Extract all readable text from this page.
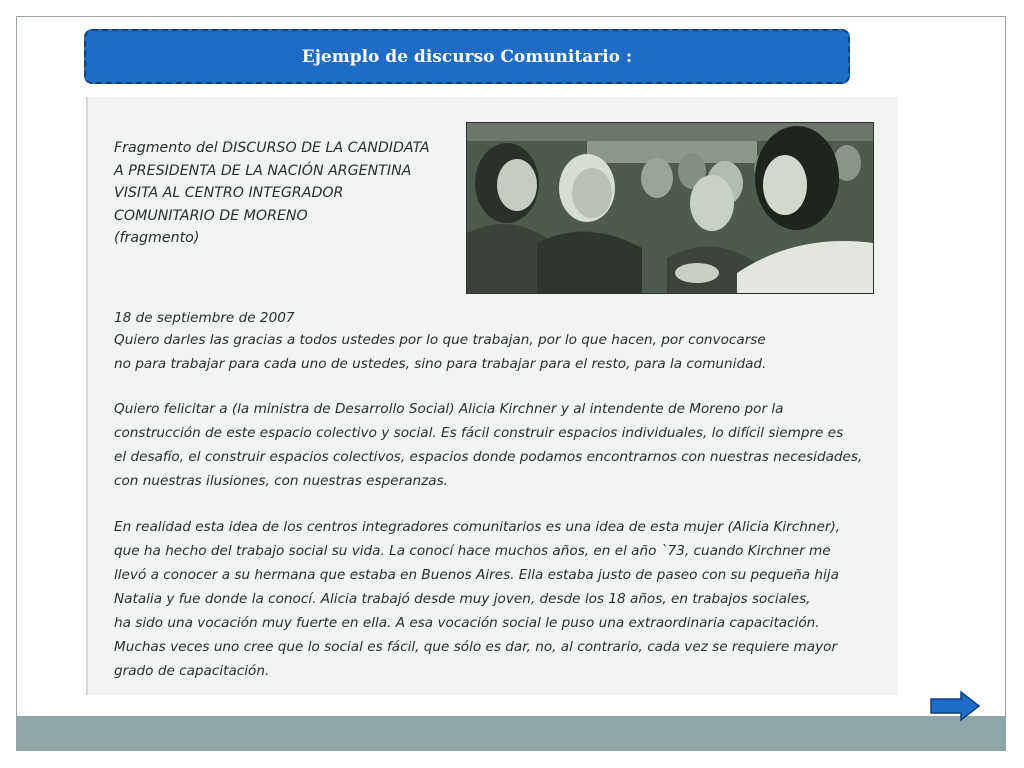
Ejemplo de discurso Comunitario :
Fragmento del DISCURSO DE LA CANDIDATA
A PRESIDENTA DE LA NACIÓN ARGENTINA
VISITA AL CENTRO INTEGRADOR
COMUNITARIO DE MORENO
(fragmento)
18 de septiembre de 2007
Quiero darles las gracias a todos ustedes por lo que trabajan, por lo que hacen, por convocarse
no para trabajar para cada uno de ustedes, sino para trabajar para el resto, para la comunidad.
Quiero felicitar a (la ministra de Desarrollo Social) Alicia Kirchner y al intendente de Moreno por la
construcción de este espacio colectivo y social. Es fácil construir espacios individuales, lo difícil siempre es
el desafío, el construir espacios colectivos, espacios donde podamos encontrarnos con nuestras necesidades,
con nuestras ilusiones, con nuestras esperanzas.
En realidad esta idea de los centros integradores comunitarios es una idea de esta mujer (Alicia Kirchner),
que ha hecho del trabajo social su vida. La conocí hace muchos años, en el año `73, cuando Kirchner me
llevó a conocer a su hermana que estaba en Buenos Aires. Ella estaba justo de paseo con su pequeña hija
Natalia y fue donde la conocí. Alicia trabajó desde muy joven, desde los 18 años, en trabajos sociales,
ha sido una vocación muy fuerte en ella. A esa vocación social le puso una extraordinaria capacitación.
Muchas veces uno cree que lo social es fácil, que sólo es dar, no, al contrario, cada vez se requiere mayor
grado de capacitación.
